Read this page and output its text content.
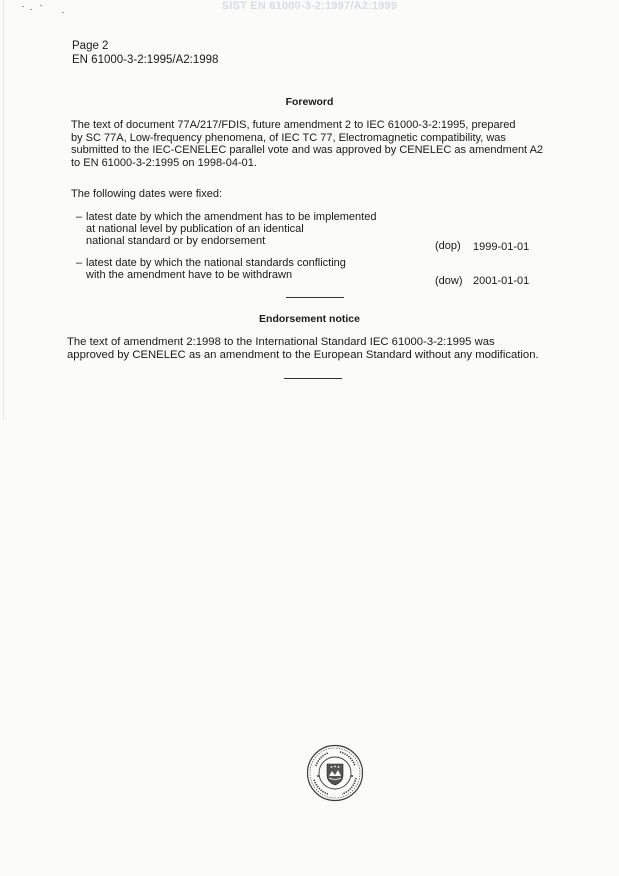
SIST EN 61000-3-2:1997/A2:1999
Page 2
EN 61000-3-2:1995/A2:1998
Foreword
The text of document 77A/217/FDIS, future amendment 2 to IEC 61000-3-2:1995, prepared
by SC 77A, Low-frequency phenomena, of IEC TC 77, Electromagnetic compatibility, was
submitted to the IEC-CENELEC parallel vote and was approved by CENELEC as amendment A2
to EN 61000-3-2:1995 on 1998-04-01.
The following dates were fixed:
– latest date by which the amendment has to be implemented
at national level by publication of an identical
national standard or by endorsement	(dop) 1999-01-01
– latest date by which the national standards conflicting
with the amendment have to be withdrawn	(dow) 2001-01-01
Endorsement notice
The text of amendment 2:1998 to the International Standard IEC 61000-3-2:1995 was
approved by CENELEC as an amendment to the European Standard without any modification.
